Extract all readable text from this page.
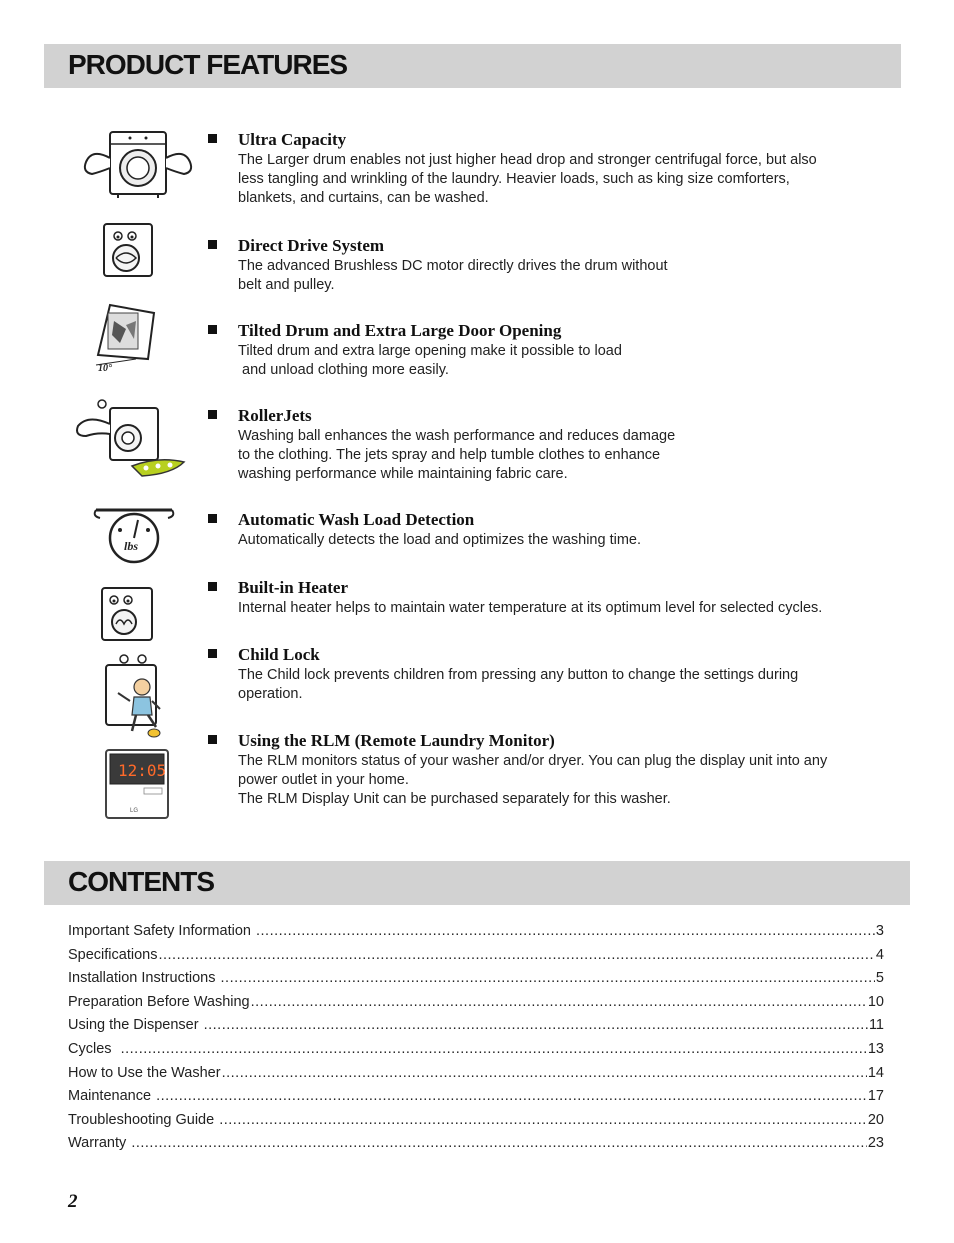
PRODUCT FEATURES
Ultra Capacity
The Larger drum enables not just higher head drop and stronger centrifugal force, but also
less tangling and wrinkling of the laundry. Heavier loads, such as king size comforters,
blankets, and curtains, can be washed.
Direct Drive System
The advanced Brushless DC motor directly drives the drum without
belt and pulley.
10°
Tilted Drum and Extra Large Door Opening
Tilted drum and extra large opening make it possible to load
and unload clothing more easily.
RollerJets
Washing ball enhances the wash performance and reduces damage
to the clothing. The jets spray and help tumble clothes to enhance
washing performance while maintaining fabric care.
lbs
Automatic Wash Load Detection
Automatically detects the load and optimizes the washing time.
Built-in Heater
Internal heater helps to maintain water temperature at its optimum level for selected cycles.
Child Lock
The Child lock prevents children from pressing any button to change the settings during
operation.
12:05
LG
Using the RLM (Remote Laundry Monitor)
The RLM monitors status of your washer and/or dryer. You can plug the display unit into any
power outlet in your home.
The RLM Display Unit can be purchased separately for this washer.
CONTENTS
Important Safety Information .....	3
Specifications .....	4
Installation Instructions .....	5
Preparation Before Washing .....	10
Using the Dispenser .....	11
Cycles .....	13
How to Use the Washer .....	14
Maintenance .....	17
Troubleshooting Guide .....	20
Warranty .....	23
2
